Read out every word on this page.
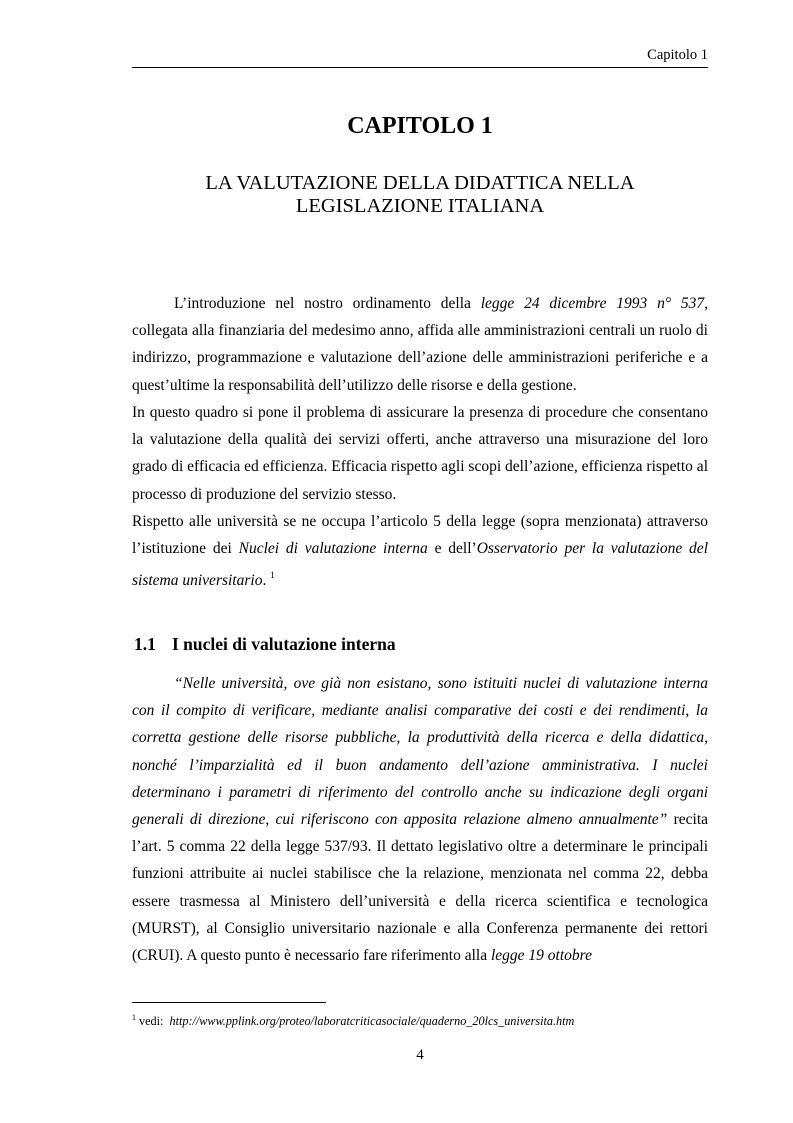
Capitolo 1
CAPITOLO 1
LA VALUTAZIONE DELLA DIDATTICA NELLA
LEGISLAZIONE ITALIANA

L’introduzione nel nostro ordinamento della legge 24 dicembre 1993 n° 537, collegata alla finanziaria del medesimo anno, affida alle amministrazioni centrali un ruolo di indirizzo, programmazione e valutazione dell’azione delle amministrazioni periferiche e a quest’ultime la responsabilità dell’utilizzo delle risorse e della gestione.

In questo quadro si pone il problema di assicurare la presenza di procedure che consentano la valutazione della qualità dei servizi offerti, anche attraverso una misurazione del loro grado di efficacia ed efficienza. Efficacia rispetto agli scopi dell’azione, efficienza rispetto al processo di produzione del servizio stesso.

Rispetto alle università se ne occupa l’articolo 5 della legge (sopra menzionata) attraverso l’istituzione dei Nuclei di valutazione interna e dell’Osservatorio per la valutazione del sistema universitario. $^1$

1.1 I nuclei di valutazione interna

“Nelle università, ove già non esistano, sono istituiti nuclei di valutazione interna con il compito di verificare, mediante analisi comparative dei costi e dei rendimenti, la corretta gestione delle risorse pubbliche, la produttività della ricerca e della didattica, nonché l’imparzialità ed il buon andamento dell’azione amministrativa. I nuclei determinano i parametri di riferimento del controllo anche su indicazione degli organi generali di direzione, cui riferiscono con apposita relazione almeno annualmente” recita l’art. 5 comma 22 della legge 537/93. Il dettato legislativo oltre a determinare le principali funzioni attribuite ai nuclei stabilisce che la relazione, menzionata nel comma 22, debba essere trasmessa al Ministero dell’università e della ricerca scientifica e tecnologica (MURST), al Consiglio universitario nazionale e alla Conferenza permanente dei rettori (CRUI). A questo punto è necessario fare riferimento alla legge 19 ottobre

$^1$ vedi: http://www.pplink.org/proteo/laboratcriticasociale/quaderno_20lcs_universita.htm
4
